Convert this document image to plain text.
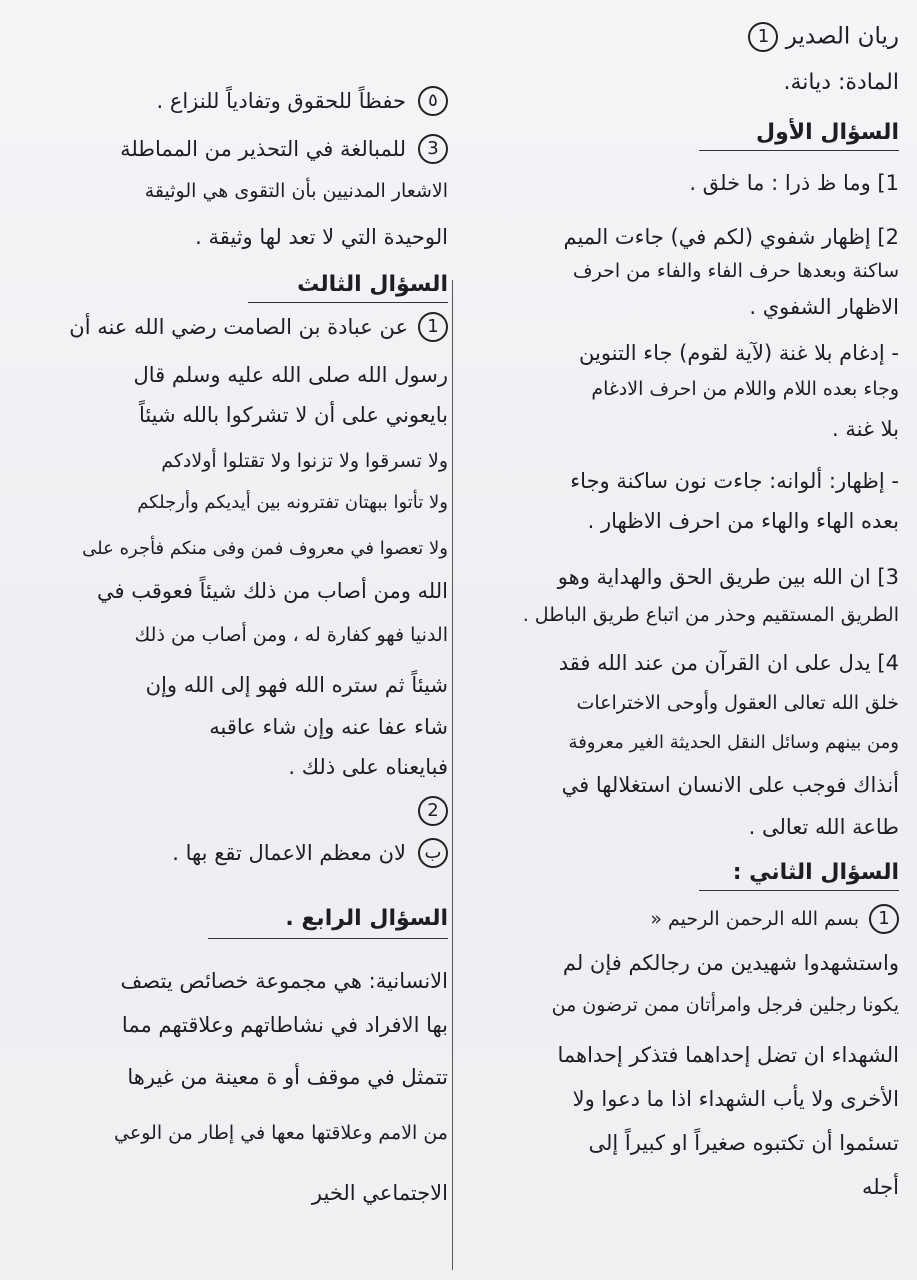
ريان الصدير 1
المادة: ديانة.
السؤال الأول
1] وما ظ ذرا : ما خلق .
2] إظهار شفوي (لكم في) جاءت الميم
ساكنة وبعدها حرف الفاء والفاء من احرف
الاظهار الشفوي .
- إدغام بلا غنة (لآية لقوم) جاء التنوين
وجاء بعده اللام واللام من احرف الادغام
بلا غنة .
- إظهار: ألوانه: جاءت نون ساكنة وجاء
بعده الهاء والهاء من احرف الاظهار .
3] ان الله بين طريق الحق والهداية وهو
الطريق المستقيم وحذر من اتباع طريق الباطل .
4] يدل على ان القرآن من عند الله فقد
خلق الله تعالى العقول وأوحى الاختراعات
ومن بينهم وسائل النقل الحديثة الغير معروفة
أنذاك فوجب على الانسان استغلالها في
طاعة الله تعالى .
السؤال الثاني :
1
بسم الله الرحمن الرحيم «
واستشهدوا شهيدين من رجالكم فإن لم
يكونا رجلين فرجل وامرأتان ممن ترضون من
الشهداء ان تضل إحداهما فتذكر إحداهما
الأخرى ولا يأب الشهداء اذا ما دعوا ولا
تسئموا أن تكتبوه صغيراً او كبيراً إلى
أجله
٥
حفظاً للحقوق وتفادياً للنزاع .
3
للمبالغة في التحذير من المماطلة
الاشعار المدنيين بأن التقوى هي الوثيقة
الوحيدة التي لا تعد لها وثيقة .
السؤال الثالث
1
عن عبادة بن الصامت رضي الله عنه أن
رسول الله صلى الله عليه وسلم قال
بايعوني على أن لا تشركوا بالله شيئاً
ولا تسرقوا ولا تزنوا ولا تقتلوا أولادكم
ولا تأتوا ببهتان تفترونه بين أيديكم وأرجلكم
ولا تعصوا في معروف فمن وفى منكم فأجره على
الله ومن أصاب من ذلك شيئاً فعوقب في
الدنيا فهو كفارة له ، ومن أصاب من ذلك
شيئاً ثم ستره الله فهو إلى الله وإن
شاء عفا عنه وإن شاء عاقبه
فبايعناه على ذلك .
2
ب
لان معظم الاعمال تقع بها .
السؤال الرابع .
الانسانية: هي مجموعة خصائص يتصف
بها الافراد في نشاطاتهم وعلاقتهم مما
تتمثل في موقف أو ة معينة من غيرها
من الامم وعلاقتها معها في إطار من الوعي
الاجتماعي الخير
